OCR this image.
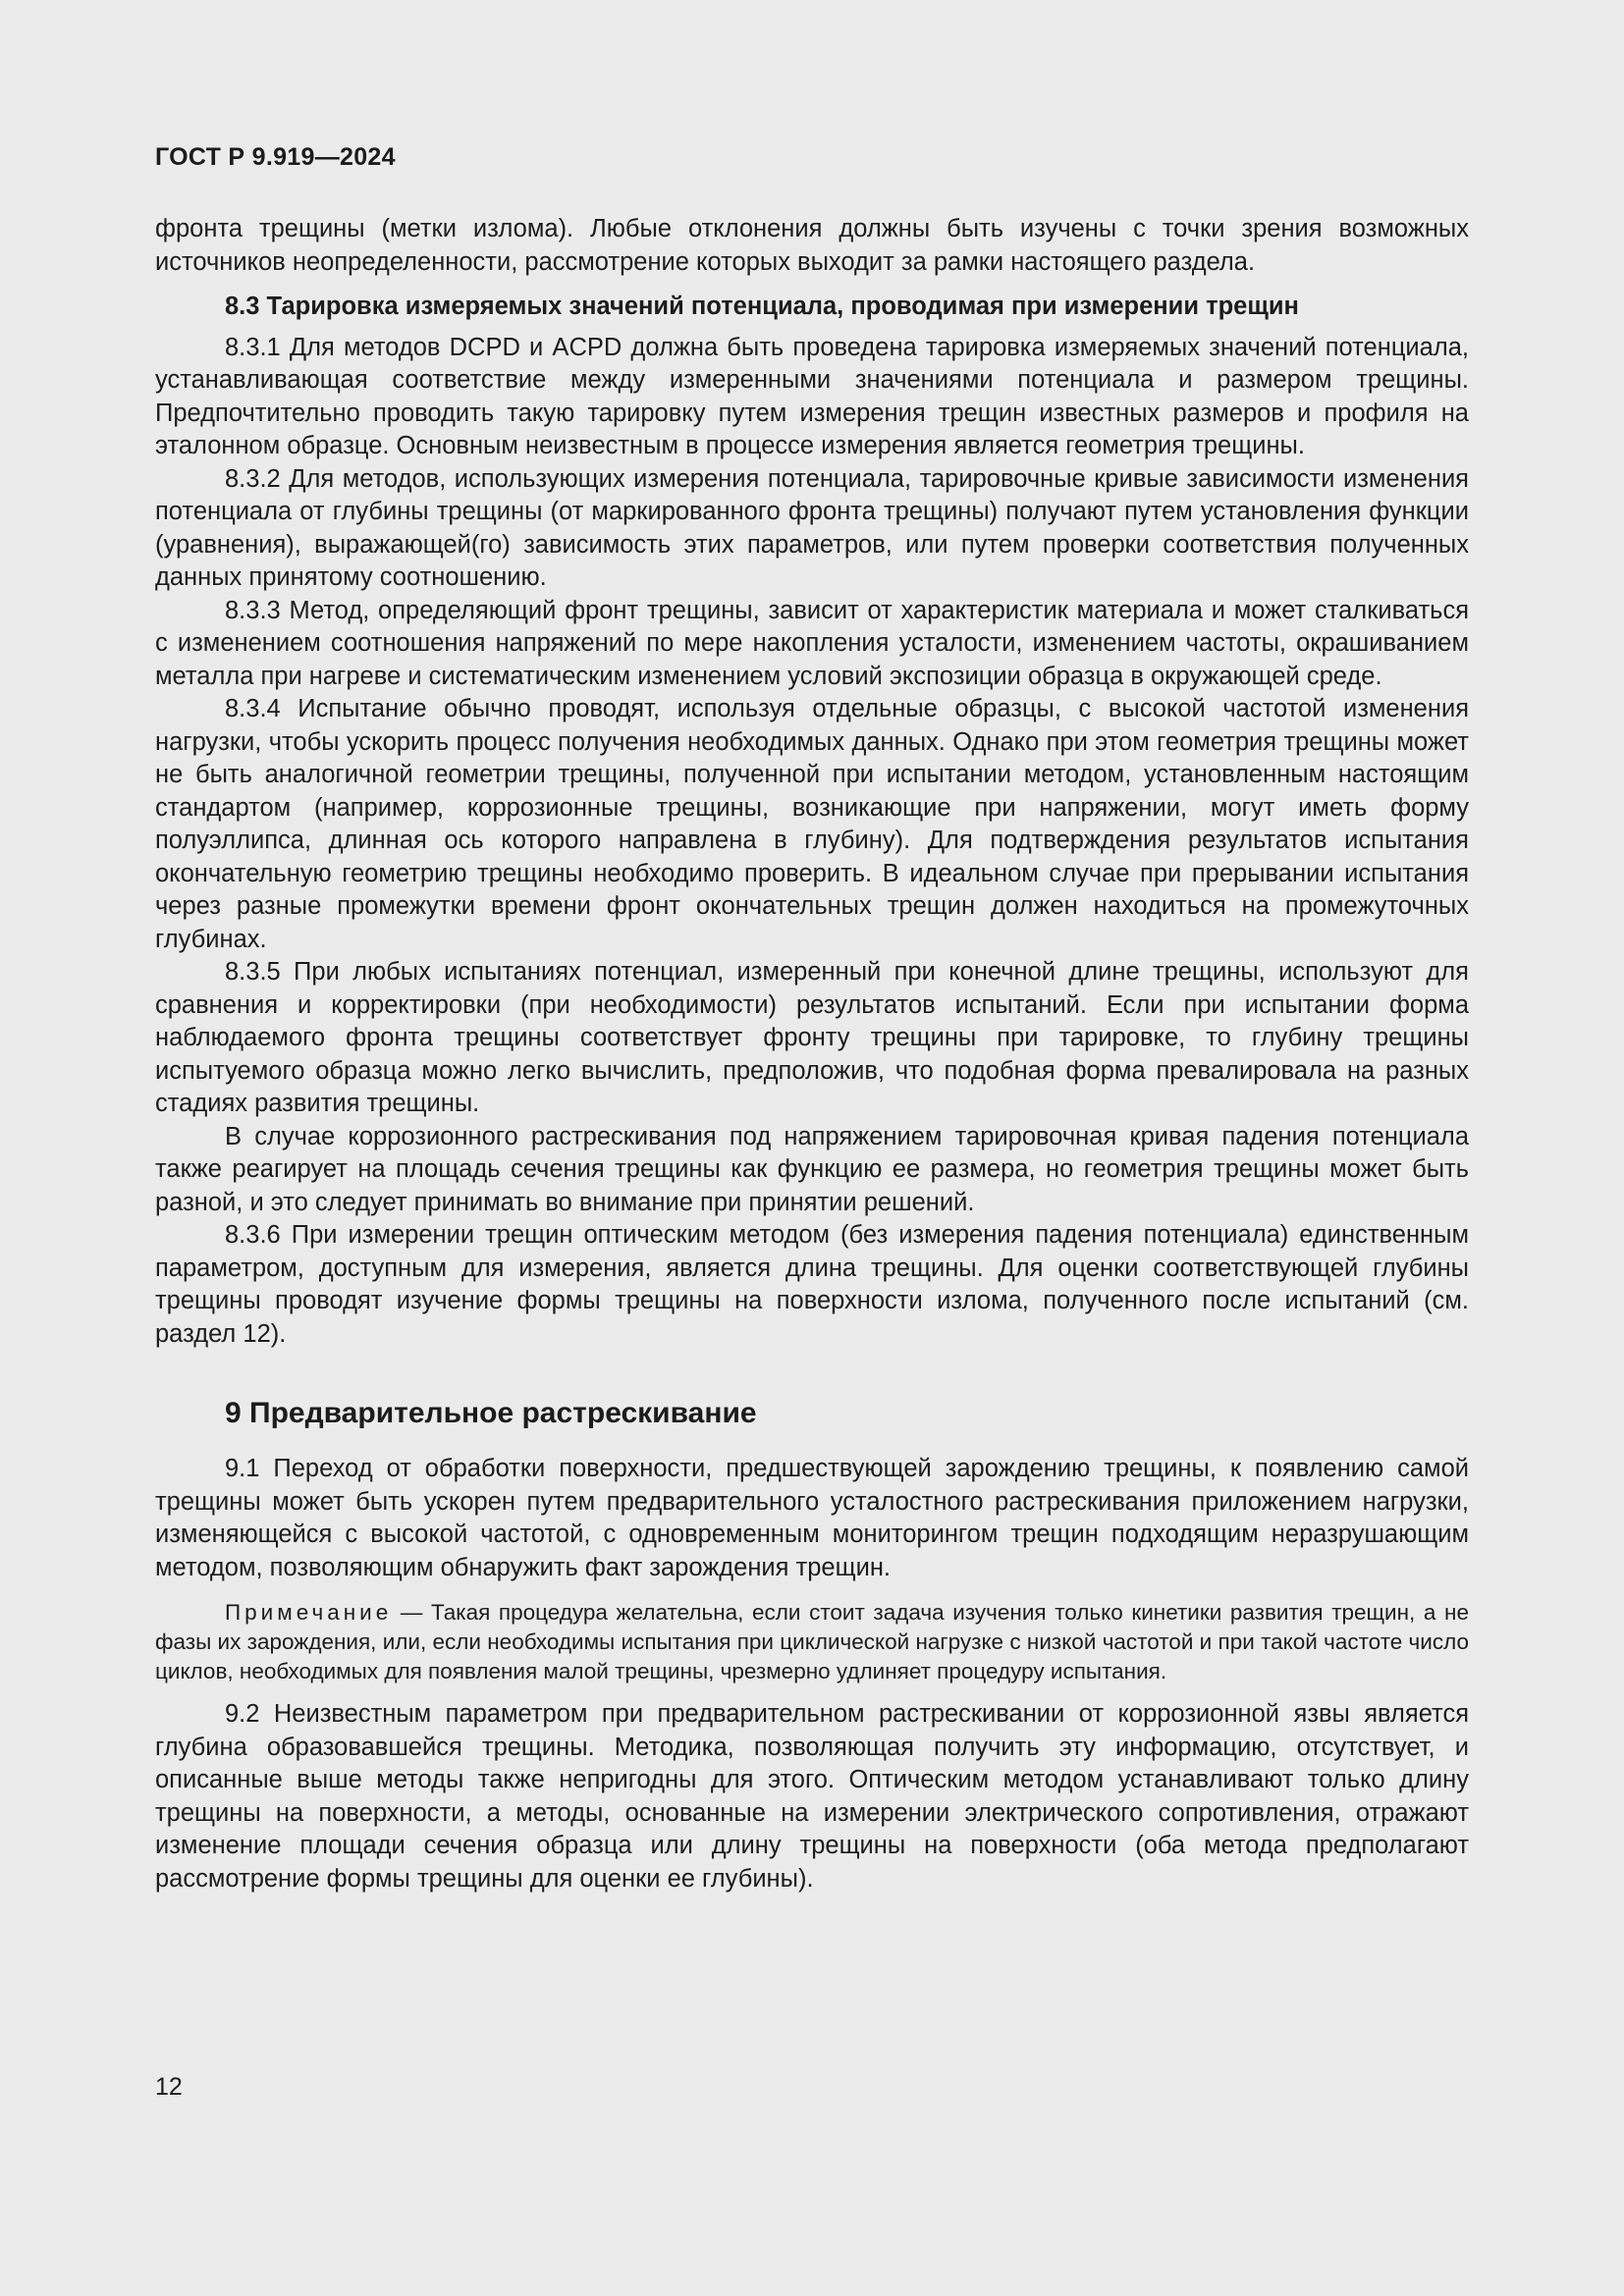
ГОСТ Р 9.919—2024

фронта трещины (метки излома). Любые отклонения должны быть изучены с точки зрения возможных источников неопределенности, рассмотрение которых выходит за рамки настоящего раздела.

8.3 Тарировка измеряемых значений потенциала, проводимая при измерении трещин

8.3.1 Для методов DCPD и ACPD должна быть проведена тарировка измеряемых значений потенциала, устанавливающая соответствие между измеренными значениями потенциала и размером трещины. Предпочтительно проводить такую тарировку путем измерения трещин известных размеров и профиля на эталонном образце. Основным неизвестным в процессе измерения является геометрия трещины.

8.3.2 Для методов, использующих измерения потенциала, тарировочные кривые зависимости изменения потенциала от глубины трещины (от маркированного фронта трещины) получают путем установления функции (уравнения), выражающей(го) зависимость этих параметров, или путем проверки соответствия полученных данных принятому соотношению.

8.3.3 Метод, определяющий фронт трещины, зависит от характеристик материала и может сталкиваться с изменением соотношения напряжений по мере накопления усталости, изменением частоты, окрашиванием металла при нагреве и систематическим изменением условий экспозиции образца в окружающей среде.

8.3.4 Испытание обычно проводят, используя отдельные образцы, с высокой частотой изменения нагрузки, чтобы ускорить процесс получения необходимых данных. Однако при этом геометрия трещины может не быть аналогичной геометрии трещины, полученной при испытании методом, установленным настоящим стандартом (например, коррозионные трещины, возникающие при напряжении, могут иметь форму полуэллипса, длинная ось которого направлена в глубину). Для подтверждения результатов испытания окончательную геометрию трещины необходимо проверить. В идеальном случае при прерывании испытания через разные промежутки времени фронт окончательных трещин должен находиться на промежуточных глубинах.

8.3.5 При любых испытаниях потенциал, измеренный при конечной длине трещины, используют для сравнения и корректировки (при необходимости) результатов испытаний. Если при испытании форма наблюдаемого фронта трещины соответствует фронту трещины при тарировке, то глубину трещины испытуемого образца можно легко вычислить, предположив, что подобная форма превалировала на разных стадиях развития трещины.

В случае коррозионного растрескивания под напряжением тарировочная кривая падения потенциала также реагирует на площадь сечения трещины как функцию ее размера, но геометрия трещины может быть разной, и это следует принимать во внимание при принятии решений.

8.3.6 При измерении трещин оптическим методом (без измерения падения потенциала) единственным параметром, доступным для измерения, является длина трещины. Для оценки соответствующей глубины трещины проводят изучение формы трещины на поверхности излома, полученного после испытаний (см. раздел 12).

9 Предварительное растрескивание

9.1 Переход от обработки поверхности, предшествующей зарождению трещины, к появлению самой трещины может быть ускорен путем предварительного усталостного растрескивания приложением нагрузки, изменяющейся с высокой частотой, с одновременным мониторингом трещин подходящим неразрушающим методом, позволяющим обнаружить факт зарождения трещин.

Примечание — Такая процедура желательна, если стоит задача изучения только кинетики развития трещин, а не фазы их зарождения, или, если необходимы испытания при циклической нагрузке с низкой частотой и при такой частоте число циклов, необходимых для появления малой трещины, чрезмерно удлиняет процедуру испытания.

9.2 Неизвестным параметром при предварительном растрескивании от коррозионной язвы является глубина образовавшейся трещины. Методика, позволяющая получить эту информацию, отсутствует, и описанные выше методы также непригодны для этого. Оптическим методом устанавливают только длину трещины на поверхности, а методы, основанные на измерении электрического сопротивления, отражают изменение площади сечения образца или длину трещины на поверхности (оба метода предполагают рассмотрение формы трещины для оценки ее глубины).

12
